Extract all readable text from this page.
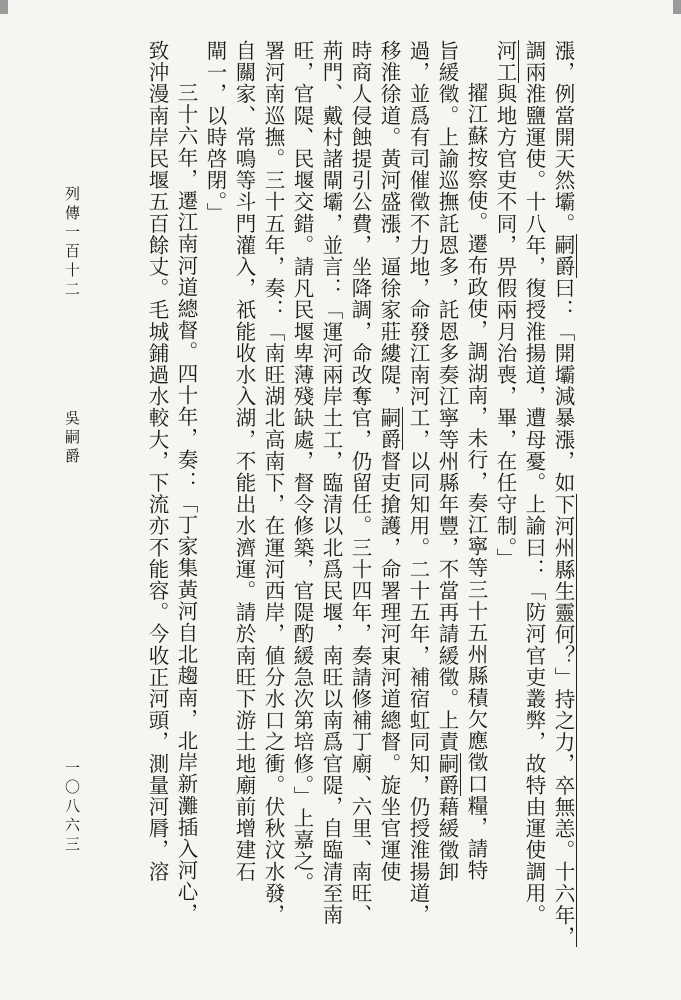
漲，例當開天然壩。嗣爵曰：「開壩減暴漲，如下河州縣生靈何？」持之力，卒無恙。十六年，

調兩淮鹽運使。十八年，復授淮揚道，遭母憂。上諭曰：「防河官吏叢弊，故特由運使調用。

河工與地方官吏不同，畀假兩月治喪，畢，在任守制。」

擢江蘇按察使。遷布政使，調湖南，未行，奏江寧等三十五州縣積欠應徵口糧，請特

旨緩徵。上諭巡撫託恩多，託恩多奏江寧等州縣年豐，不當再請緩徵。上責嗣爵藉緩徵卸

過，並爲有司催徵不力地，命發江南河工，以同知用。二十五年，補宿虹同知，仍授淮揚道，

移淮徐道。黃河盛漲，逼徐家莊縷隄，嗣爵督吏搶護，命署理河東河道總督。旋坐官運使

時商人侵蝕提引公費，坐降調，命改奪官，仍留任。三十四年，奏請修補丁廟、六里、南旺、

荊門、戴村諸閘壩，並言：「運河兩岸土工，臨清以北爲民堰，南旺以南爲官隄，自臨清至南

旺，官隄、民堰交錯。請凡民堰卑薄殘缺處，督令修築，官隄酌緩急次第培修。」上嘉之。

署河南巡撫。三十五年，奏：「南旺湖北高南下，在運河西岸，値分水口之衝。伏秋汶水發，

自關家、常鳴等斗門灌入，祇能收水入湖，不能出水濟運。請於南旺下游土地廟前增建石

閘一，以時啓閉。」

三十六年，遷江南河道總督。四十年，奏：「丁家集黃河自北趨南，北岸新灘插入河心，

致沖漫南岸民堰五百餘丈。毛城鋪過水較大，下流亦不能容。今收正河頭，測量河脣，溶

列傳一百十二
吳嗣爵
一〇八六三
